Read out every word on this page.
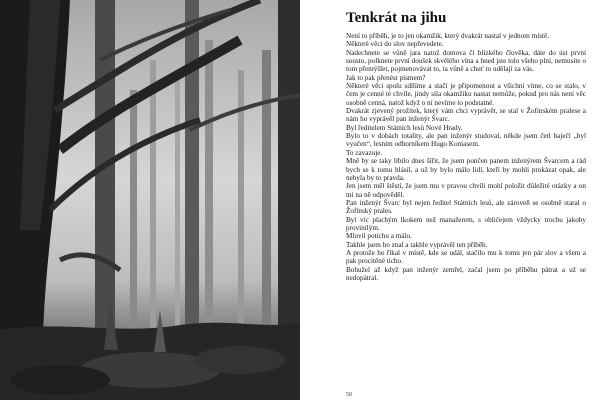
Tenkrát na jihu

Není to příběh, je to jen okamžik, který dvakrát nastal v jednom místě.

Některé věci do slov nepřevedete.

Nadechnete se vůně jara natož domova či blízkého člověka, dáte do úst první sousto, polknete první doušek skvělého vína a hned jste tolo všeho plní, nemusíte o tom přemýšlet, pojmenovávat to, ta vůně a chuť to udělají za vás.

Jak to pak přenést písmem?

Některé věci spolu sdílíme a stačí je připomenout a všichni víme, co se stalo, v čem je cenné té chvíle, jindy sila okamžiku nastat nemůže, pokud pro nás není věc osobně cenná, natož když o ní nevíme to podstatné.

Dvakrát zjevený prožitek, který vám chci vyprávět, se stal v Žofínském pralese a nám ho vyprávěl pan inženýr Švarc.

Byl ředitelem Státních lesů Nové Hrady.

Bylo to v dobách totality, ale pan inženýr studoval, někde jsem četl baječí „byl vyučen“, lesním odborníkem Hugo Koniasem.

To zavazuje.

Mně by se taky líbilo dnes šířit, že jsem pončen panem inženýrem Švarcem a rád bych se k tomu hlásil, a už by bylo málo lidí, kteří by mohli prokázat opak, ale nebyla by to pravda.

Jen jsem měl štěstí, že jsem mu v pravou chvíli mohl položit důležité otázky a on mi na ně odpověděl.

Pan inženýr Švarc byl nejen ředitel Státních lesů, ale zároveň se osobně staral o Žofínský prales.

Byl víc plachým lkokem než manažerem, s obličejem vždycky trochu jakoby provinilým.

Mluvil potichu a málo.

Takhle jsem ho znal a takhle vyprávěl ten příběh.

A protože ho říkal v místě, kde se udál, stačilo mu k tomu jen pár slov a všem a pak procitěné ticho.

Bohužel až když pan inženýr zemřel, začal jsem po příběhu pátrat a už se nedopátral.

50
